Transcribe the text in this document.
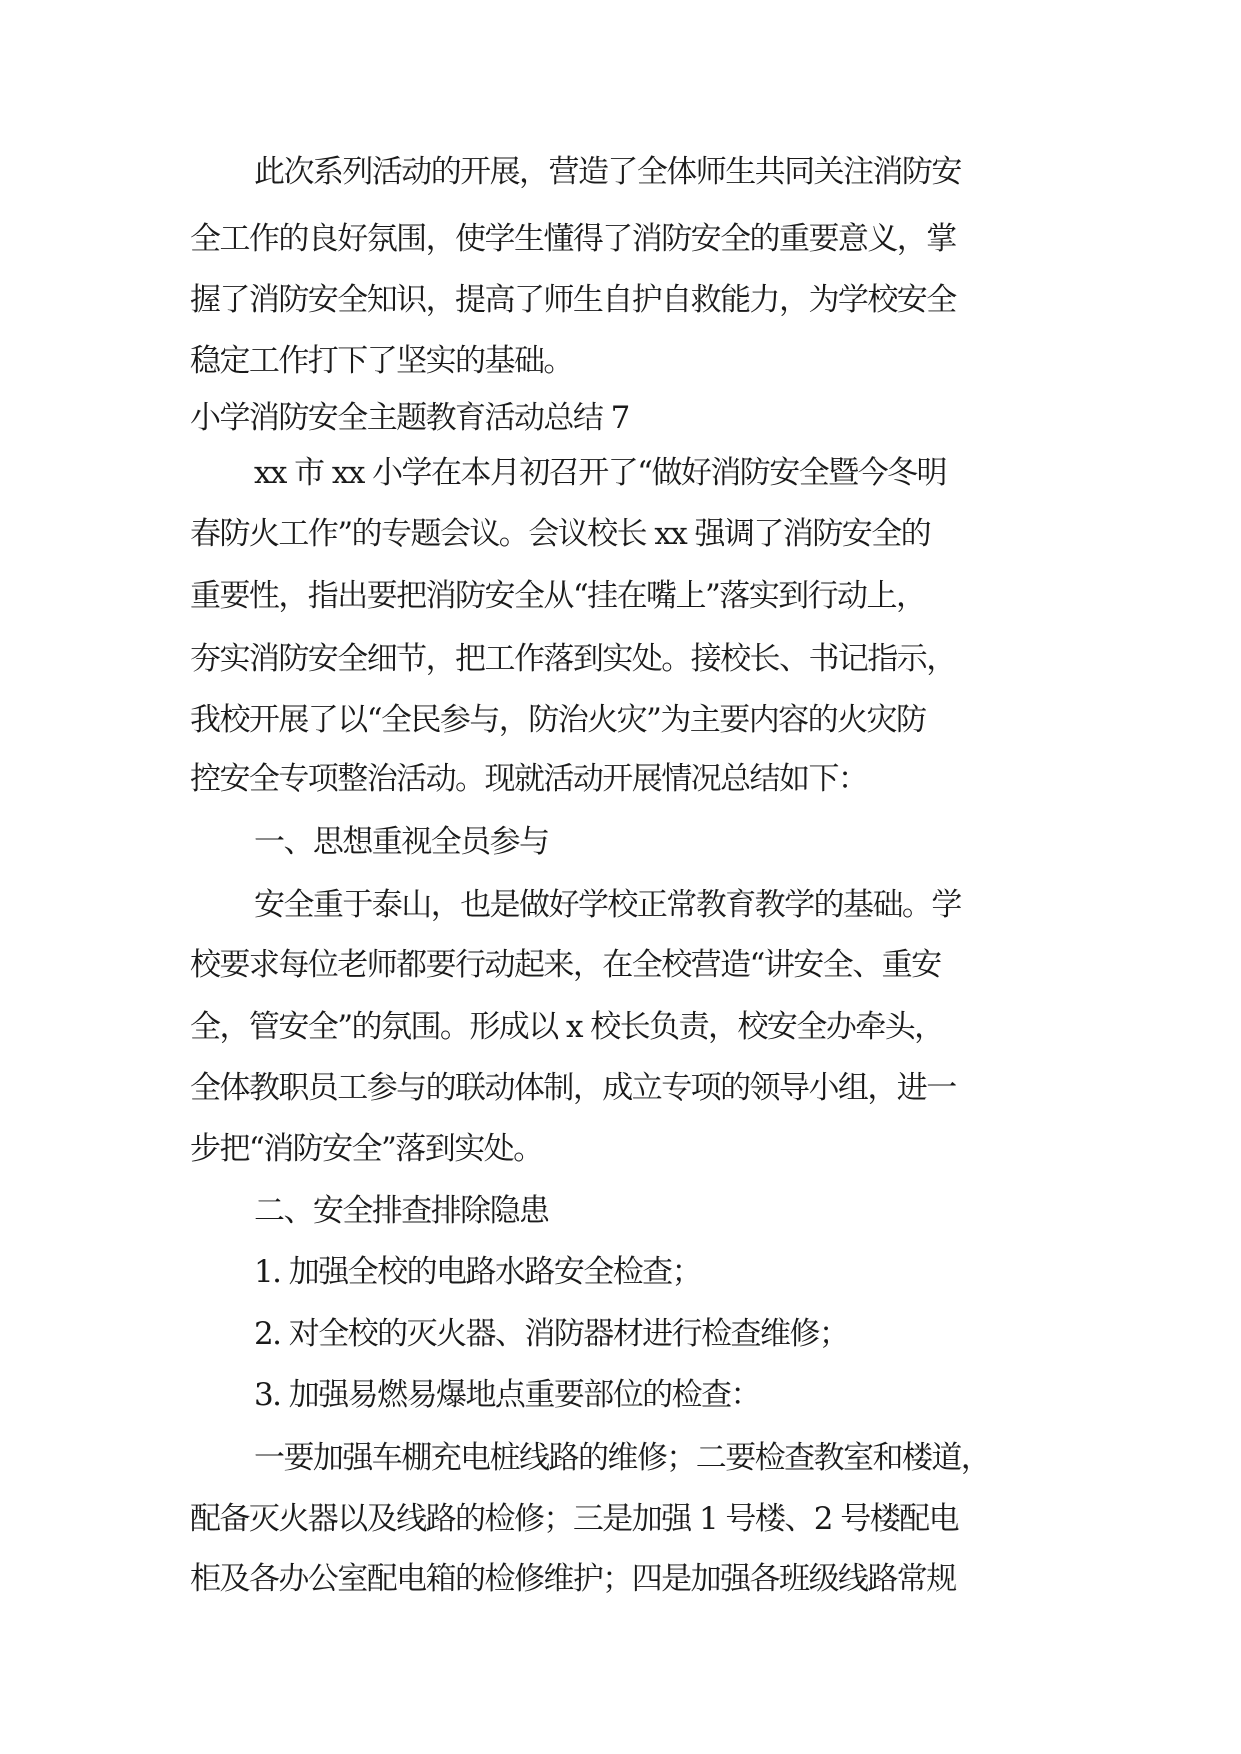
此次系列活动的开展，营造了全体师生共同关注消防安
全工作的良好氛围，使学生懂得了消防安全的重要意义，掌
握了消防安全知识，提高了师生自护自救能力，为学校安全
稳定工作打下了坚实的基础。
小学消防安全主题教育活动总结 7
xx 市 xx 小学在本月初召开了“做好消防安全暨今冬明
春防火工作”的专题会议。会议校长 xx 强调了消防安全的
重要性，指出要把消防安全从“挂在嘴上”落实到行动上，
夯实消防安全细节，把工作落到实处。接校长、书记指示，
我校开展了以“全民参与，防治火灾”为主要内容的火灾防
控安全专项整治活动。现就活动开展情况总结如下：
一、思想重视全员参与
安全重于泰山，也是做好学校正常教育教学的基础。学
校要求每位老师都要行动起来，在全校营造“讲安全、重安
全，管安全”的氛围。形成以 x 校长负责，校安全办牵头，
全体教职员工参与的联动体制，成立专项的领导小组，进一
步把“消防安全”落到实处。
二、安全排查排除隐患
1. 加强全校的电路水路安全检查；
2. 对全校的灭火器、消防器材进行检查维修；
3. 加强易燃易爆地点重要部位的检查：
一要加强车棚充电桩线路的维修；二要检查教室和楼道，
配备灭火器以及线路的检修；三是加强 1 号楼、2 号楼配电
柜及各办公室配电箱的检修维护；四是加强各班级线路常规
